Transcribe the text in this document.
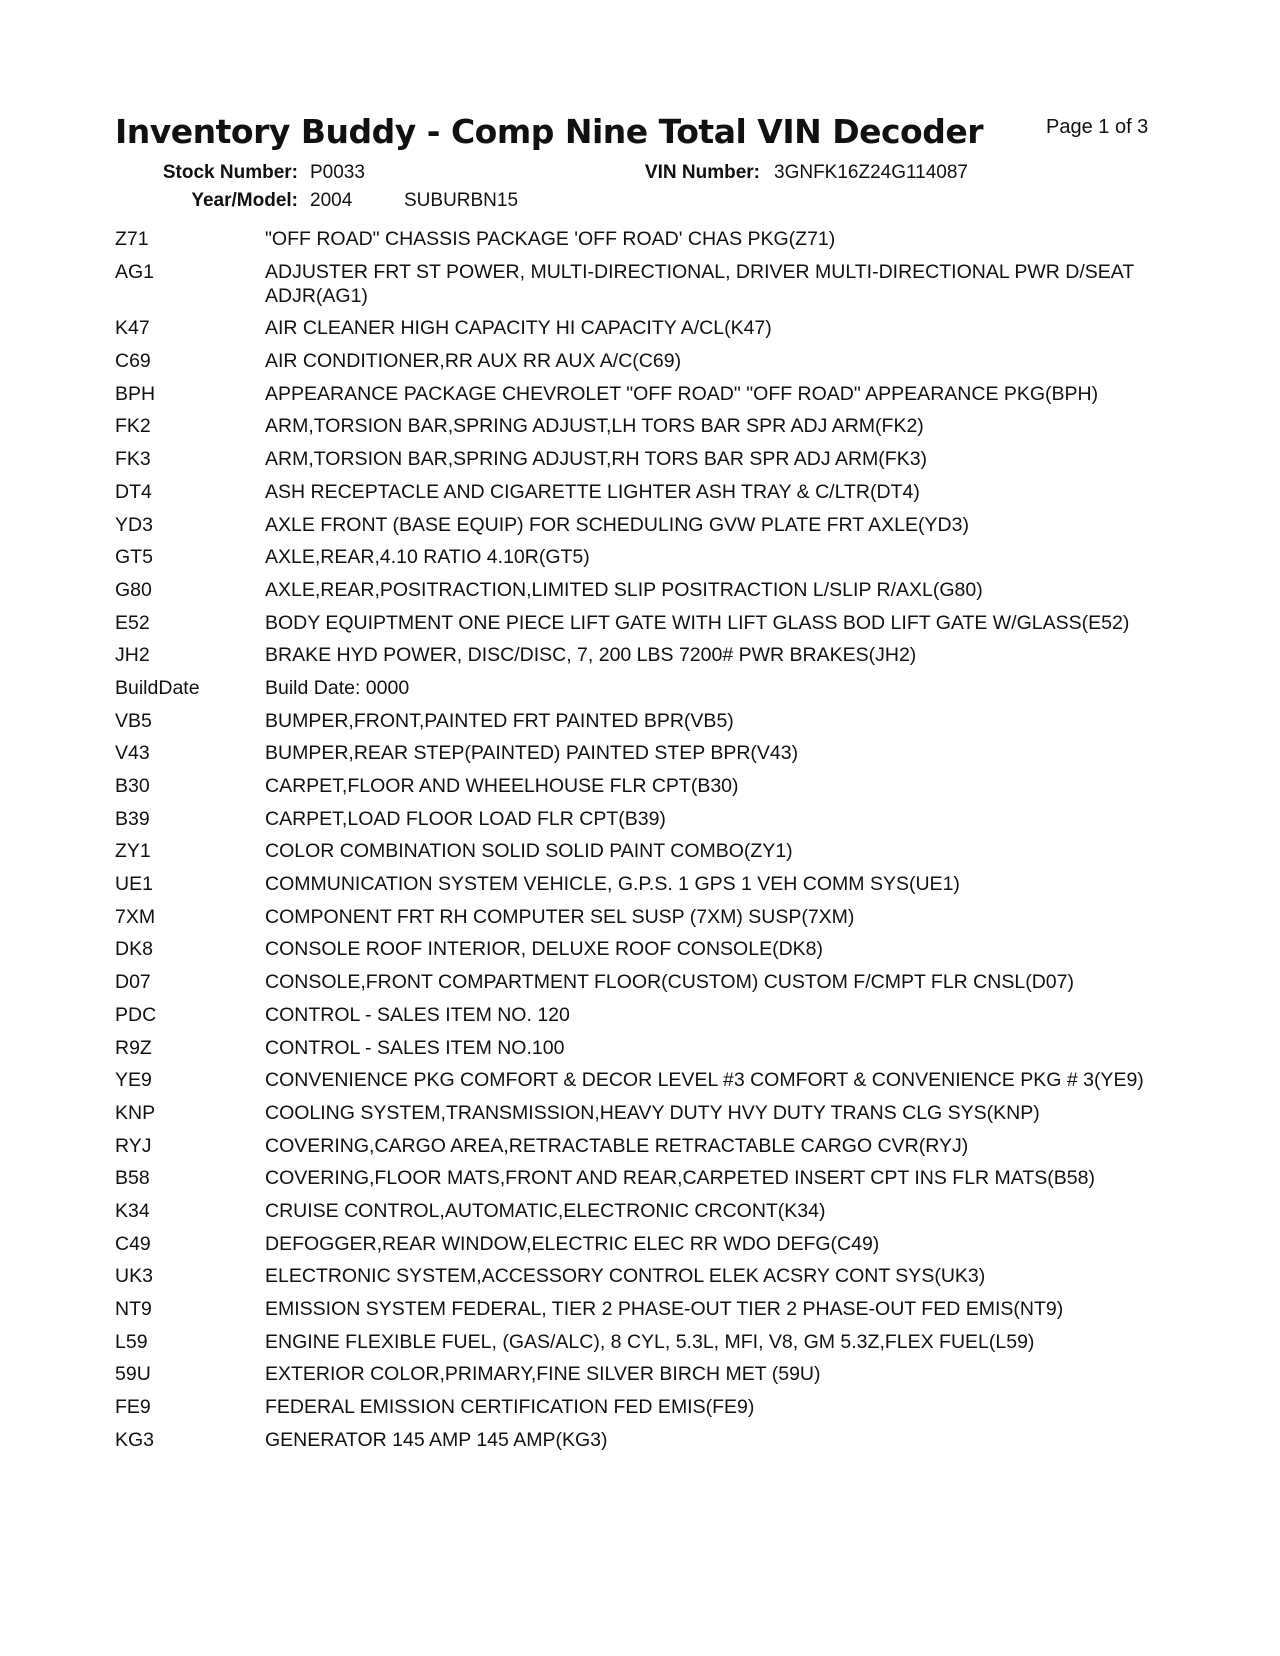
Inventory Buddy - Comp Nine Total VIN Decoder	Page 1 of 3
Stock Number: P0033	VIN Number: 3GNFK16Z24G114087
Year/Model: 2004	SUBURBN15
Z71	"OFF ROAD" CHASSIS PACKAGE 'OFF ROAD' CHAS PKG(Z71)
AG1	ADJUSTER FRT ST POWER, MULTI-DIRECTIONAL, DRIVER MULTI-DIRECTIONAL PWR D/SEAT ADJR(AG1)
K47	AIR CLEANER HIGH CAPACITY HI CAPACITY A/CL(K47)
C69	AIR CONDITIONER,RR AUX RR AUX A/C(C69)
BPH	APPEARANCE PACKAGE CHEVROLET "OFF ROAD" "OFF ROAD" APPEARANCE PKG(BPH)
FK2	ARM,TORSION BAR,SPRING ADJUST,LH TORS BAR SPR ADJ ARM(FK2)
FK3	ARM,TORSION BAR,SPRING ADJUST,RH TORS BAR SPR ADJ ARM(FK3)
DT4	ASH RECEPTACLE AND CIGARETTE LIGHTER ASH TRAY & C/LTR(DT4)
YD3	AXLE FRONT (BASE EQUIP) FOR SCHEDULING GVW PLATE FRT AXLE(YD3)
GT5	AXLE,REAR,4.10 RATIO 4.10R(GT5)
G80	AXLE,REAR,POSITRACTION,LIMITED SLIP POSITRACTION L/SLIP R/AXL(G80)
E52	BODY EQUIPTMENT ONE PIECE LIFT GATE WITH LIFT GLASS BOD LIFT GATE W/GLASS(E52)
JH2	BRAKE HYD POWER, DISC/DISC, 7, 200 LBS 7200# PWR BRAKES(JH2)
BuildDate	Build Date: 0000
VB5	BUMPER,FRONT,PAINTED FRT PAINTED BPR(VB5)
V43	BUMPER,REAR STEP(PAINTED) PAINTED STEP BPR(V43)
B30	CARPET,FLOOR AND WHEELHOUSE FLR CPT(B30)
B39	CARPET,LOAD FLOOR LOAD FLR CPT(B39)
ZY1	COLOR COMBINATION SOLID SOLID PAINT COMBO(ZY1)
UE1	COMMUNICATION SYSTEM VEHICLE, G.P.S. 1 GPS 1 VEH COMM SYS(UE1)
7XM	COMPONENT FRT RH COMPUTER SEL SUSP (7XM) SUSP(7XM)
DK8	CONSOLE ROOF INTERIOR, DELUXE ROOF CONSOLE(DK8)
D07	CONSOLE,FRONT COMPARTMENT FLOOR(CUSTOM) CUSTOM F/CMPT FLR CNSL(D07)
PDC	CONTROL - SALES ITEM NO. 120
R9Z	CONTROL - SALES ITEM NO.100
YE9	CONVENIENCE PKG COMFORT & DECOR LEVEL #3 COMFORT & CONVENIENCE PKG # 3(YE9)
KNP	COOLING SYSTEM,TRANSMISSION,HEAVY DUTY HVY DUTY TRANS CLG SYS(KNP)
RYJ	COVERING,CARGO AREA,RETRACTABLE RETRACTABLE CARGO CVR(RYJ)
B58	COVERING,FLOOR MATS,FRONT AND REAR,CARPETED INSERT CPT INS FLR MATS(B58)
K34	CRUISE CONTROL,AUTOMATIC,ELECTRONIC CRCONT(K34)
C49	DEFOGGER,REAR WINDOW,ELECTRIC ELEC RR WDO DEFG(C49)
UK3	ELECTRONIC SYSTEM,ACCESSORY CONTROL ELEK ACSRY CONT SYS(UK3)
NT9	EMISSION SYSTEM FEDERAL, TIER 2 PHASE-OUT TIER 2 PHASE-OUT FED EMIS(NT9)
L59	ENGINE FLEXIBLE FUEL, (GAS/ALC), 8 CYL, 5.3L, MFI, V8, GM 5.3Z,FLEX FUEL(L59)
59U	EXTERIOR COLOR,PRIMARY,FINE SILVER BIRCH MET (59U)
FE9	FEDERAL EMISSION CERTIFICATION FED EMIS(FE9)
KG3	GENERATOR 145 AMP 145 AMP(KG3)
